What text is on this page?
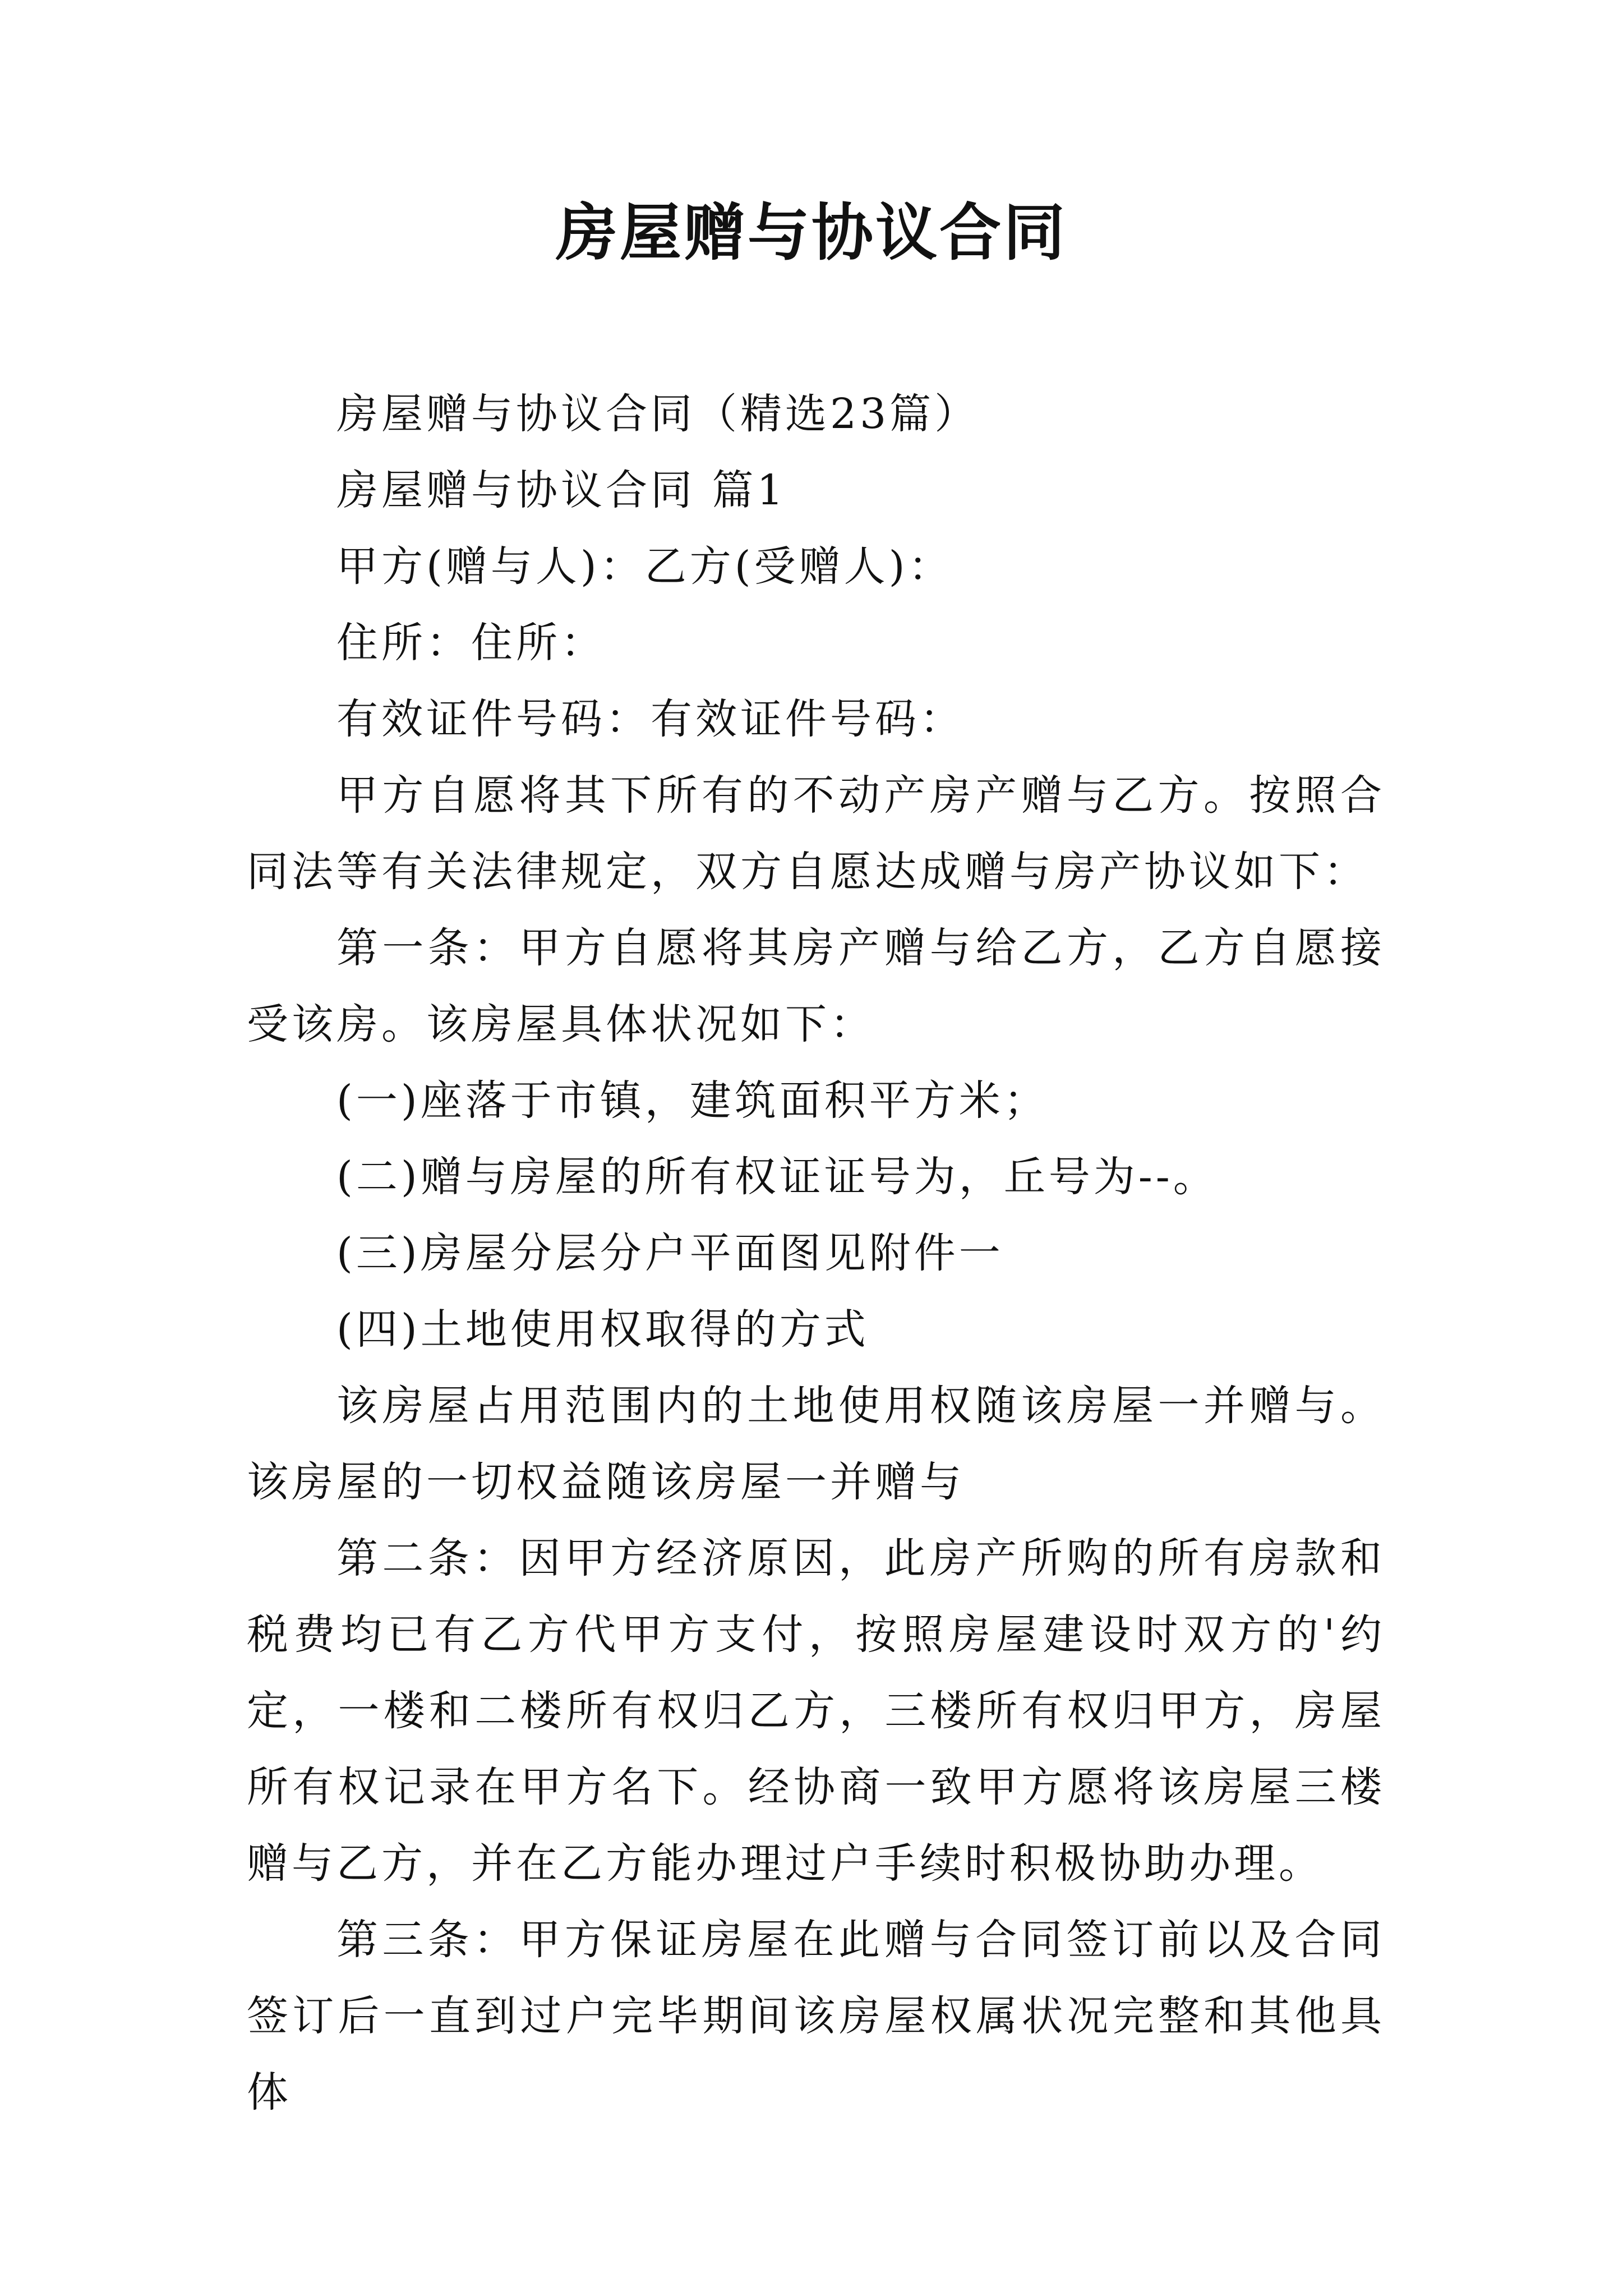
房屋赠与协议合同

房屋赠与协议合同（精选23篇）

房屋赠与协议合同 篇1

甲方(赠与人)：乙方(受赠人)：

住所：住所：

有效证件号码：有效证件号码：

甲方自愿将其下所有的不动产房产赠与乙方。按照合同法等有关法律规定，双方自愿达成赠与房产协议如下：

第一条：甲方自愿将其房产赠与给乙方，乙方自愿接受该房。该房屋具体状况如下：

(一)座落于市镇，建筑面积平方米；

(二)赠与房屋的所有权证证号为，丘号为--。

(三)房屋分层分户平面图见附件一

(四)土地使用权取得的方式

该房屋占用范围内的土地使用权随该房屋一并赠与。该房屋的一切权益随该房屋一并赠与

第二条：因甲方经济原因，此房产所购的所有房款和税费均已有乙方代甲方支付，按照房屋建设时双方的'约定，一楼和二楼所有权归乙方，三楼所有权归甲方，房屋所有权记录在甲方名下。经协商一致甲方愿将该房屋三楼赠与乙方，并在乙方能办理过户手续时积极协助办理。

第三条：甲方保证房屋在此赠与合同签订前以及合同签订后一直到过户完毕期间该房屋权属状况完整和其他具体
